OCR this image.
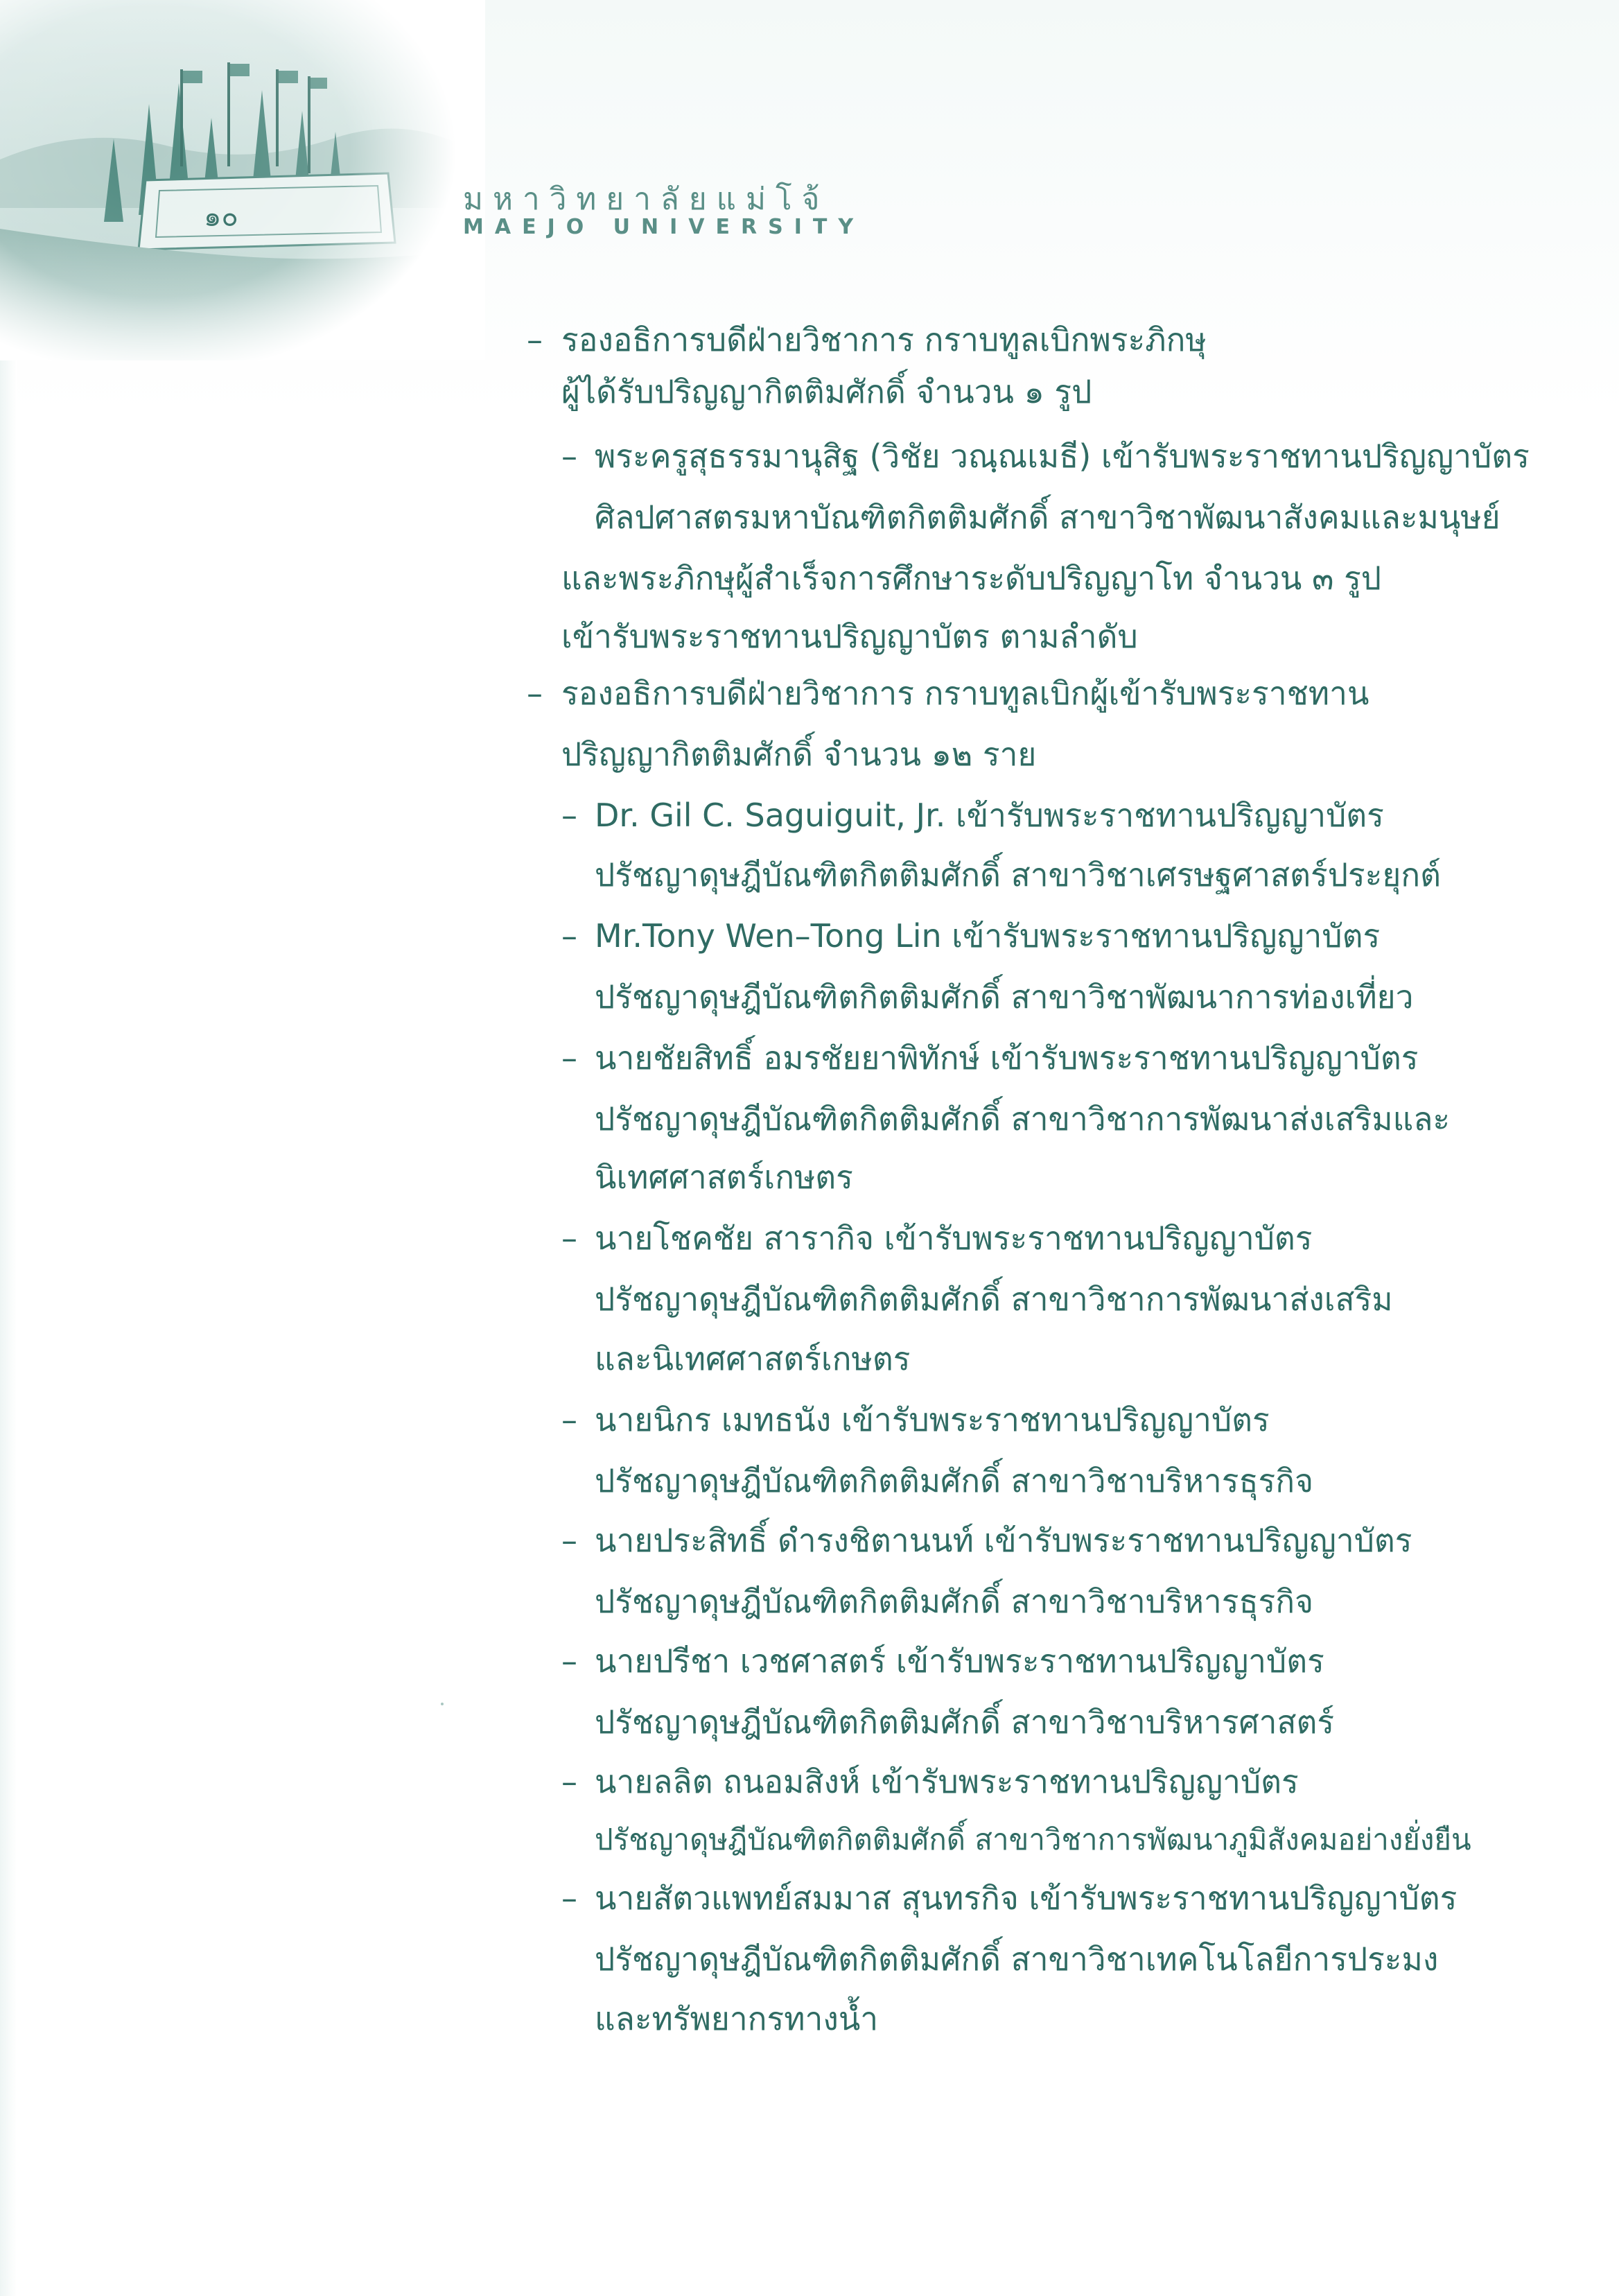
๑๐	มหาวิทยาลัยแม่โจ้
MAEJO UNIVERSITY
– รองอธิการบดีฝ่ายวิชาการ กราบทูลเบิกพระภิกษุ
ผู้ได้รับปริญญากิตติมศักดิ์ จำนวน ๑ รูป
– พระครูสุธรรมานุสิฐ (วิชัย วณฺณเมธี) เข้ารับพระราชทานปริญญาบัตร
ศิลปศาสตรมหาบัณฑิตกิตติมศักดิ์ สาขาวิชาพัฒนาสังคมและมนุษย์
และพระภิกษุผู้สำเร็จการศึกษาระดับปริญญาโท จำนวน ๓ รูป
เข้ารับพระราชทานปริญญาบัตร ตามลำดับ
– รองอธิการบดีฝ่ายวิชาการ กราบทูลเบิกผู้เข้ารับพระราชทาน
ปริญญากิตติมศักดิ์ จำนวน ๑๒ ราย
– Dr. Gil C. Saguiguit, Jr. เข้ารับพระราชทานปริญญาบัตร
ปรัชญาดุษฎีบัณฑิตกิตติมศักดิ์ สาขาวิชาเศรษฐศาสตร์ประยุกต์
– Mr.Tony Wen–Tong Lin เข้ารับพระราชทานปริญญาบัตร
ปรัชญาดุษฎีบัณฑิตกิตติมศักดิ์ สาขาวิชาพัฒนาการท่องเที่ยว
– นายชัยสิทธิ์ อมรชัยยาพิทักษ์ เข้ารับพระราชทานปริญญาบัตร
ปรัชญาดุษฎีบัณฑิตกิตติมศักดิ์ สาขาวิชาการพัฒนาส่งเสริมและ
นิเทศศาสตร์เกษตร
– นายโชคชัย สารากิจ เข้ารับพระราชทานปริญญาบัตร
ปรัชญาดุษฎีบัณฑิตกิตติมศักดิ์ สาขาวิชาการพัฒนาส่งเสริม
และนิเทศศาสตร์เกษตร
– นายนิกร เมทธนัง เข้ารับพระราชทานปริญญาบัตร
ปรัชญาดุษฎีบัณฑิตกิตติมศักดิ์ สาขาวิชาบริหารธุรกิจ
– นายประสิทธิ์ ดำรงชิตานนท์ เข้ารับพระราชทานปริญญาบัตร
ปรัชญาดุษฎีบัณฑิตกิตติมศักดิ์ สาขาวิชาบริหารธุรกิจ
– นายปรีชา เวชศาสตร์ เข้ารับพระราชทานปริญญาบัตร
ปรัชญาดุษฎีบัณฑิตกิตติมศักดิ์ สาขาวิชาบริหารศาสตร์
– นายลลิต ถนอมสิงห์ เข้ารับพระราชทานปริญญาบัตร
ปรัชญาดุษฎีบัณฑิตกิตติมศักดิ์ สาขาวิชาการพัฒนาภูมิสังคมอย่างยั่งยืน
– นายสัตวแพทย์สมมาส สุนทรกิจ เข้ารับพระราชทานปริญญาบัตร
ปรัชญาดุษฎีบัณฑิตกิตติมศักดิ์ สาขาวิชาเทคโนโลยีการประมง
และทรัพยากรทางน้ำ
